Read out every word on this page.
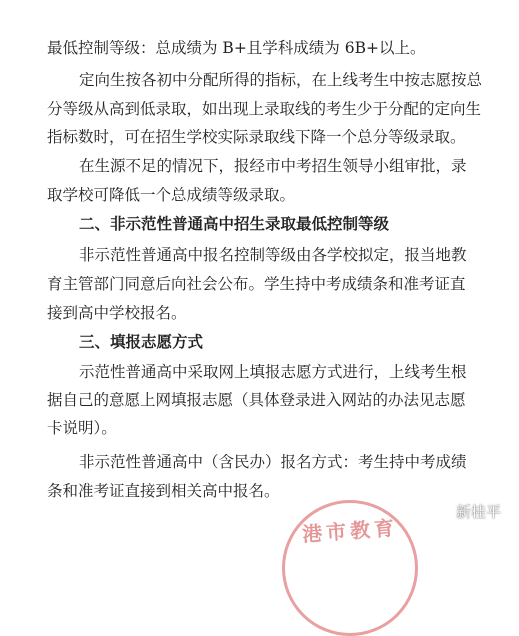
最低控制等级：总成绩为 B+且学科成绩为 6B+以上。
定向生按各初中分配所得的指标，在上线考生中按志愿按总
分等级从高到低录取，如出现上录取线的考生少于分配的定向生
指标数时，可在招生学校实际录取线下降一个总分等级录取。
在生源不足的情况下，报经市中考招生领导小组审批，录
取学校可降低一个总成绩等级录取。
二、非示范性普通高中招生录取最低控制等级
非示范性普通高中报名控制等级由各学校拟定，报当地教
育主管部门同意后向社会公布。学生持中考成绩条和准考证直
接到高中学校报名。
三、填报志愿方式
示范性普通高中采取网上填报志愿方式进行，上线考生根
据自己的意愿上网填报志愿（具体登录进入网站的办法见志愿
卡说明）。
非示范性普通高中（含民办）报名方式：考生持中考成绩
条和准考证直接到相关高中报名。
港市教育
新桂平
